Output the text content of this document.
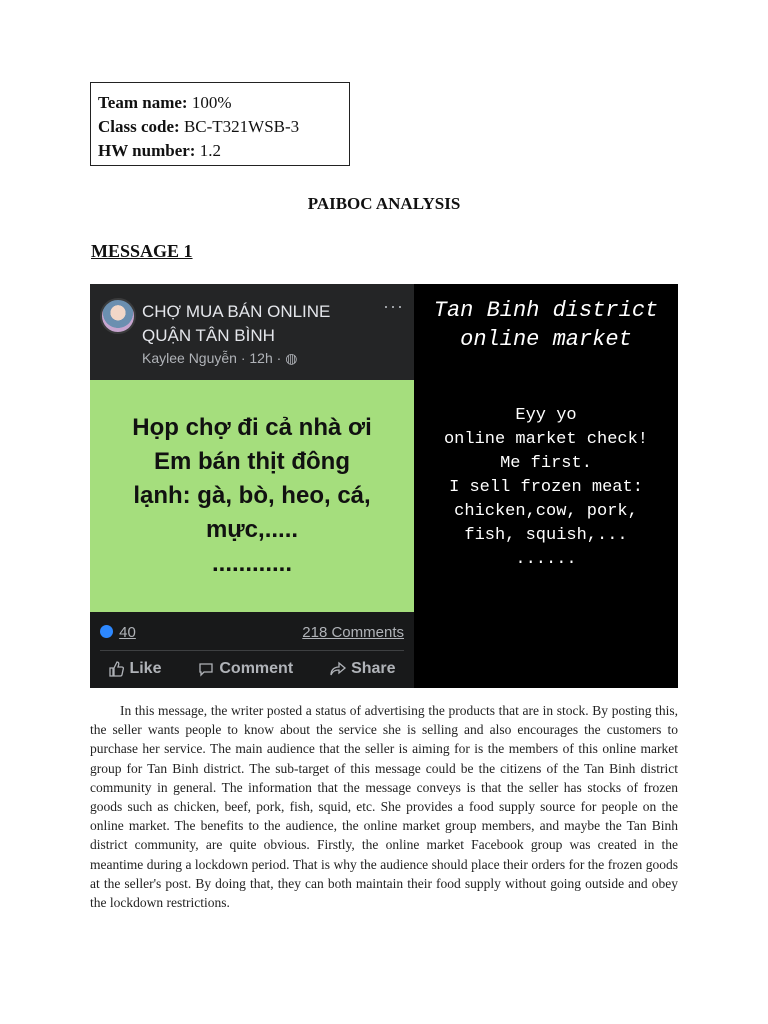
Team name: 100%
Class code: BC-T321WSB-3
HW number: 1.2
PAIBOC ANALYSIS
MESSAGE 1
CHỢ MUA BÁN ONLINE QUẬN TÂN BÌNH
···
Kaylee Nguyễn · 12h · ◍
Họp chợ đi cả nhà ơi
Em bán thịt đông
lạnh: gà, bò, heo, cá,
mực,.....
............
40	218 Comments
Like	Comment	Share
Tan Binh district
online market
Eyy yo
online market check!
Me first.
I sell frozen meat:
chicken,cow, pork,
fish, squish,...
......
In this message, the writer posted a status of advertising the products that are in stock. By posting this, the seller wants people to know about the service she is selling and also encourages the customers to purchase her service. The main audience that the seller is aiming for is the members of this online market group for Tan Binh district. The sub-target of this message could be the citizens of the Tan Binh district community in general. The information that the message conveys is that the seller has stocks of frozen goods such as chicken, beef, pork, fish, squid, etc. She provides a food supply source for people on the online market. The benefits to the audience, the online market group members, and maybe the Tan Binh district community, are quite obvious. Firstly, the online market Facebook group was created in the meantime during a lockdown period. That is why the audience should place their orders for the frozen goods at the seller's post. By doing that, they can both maintain their food supply without going outside and obey the lockdown restrictions.
